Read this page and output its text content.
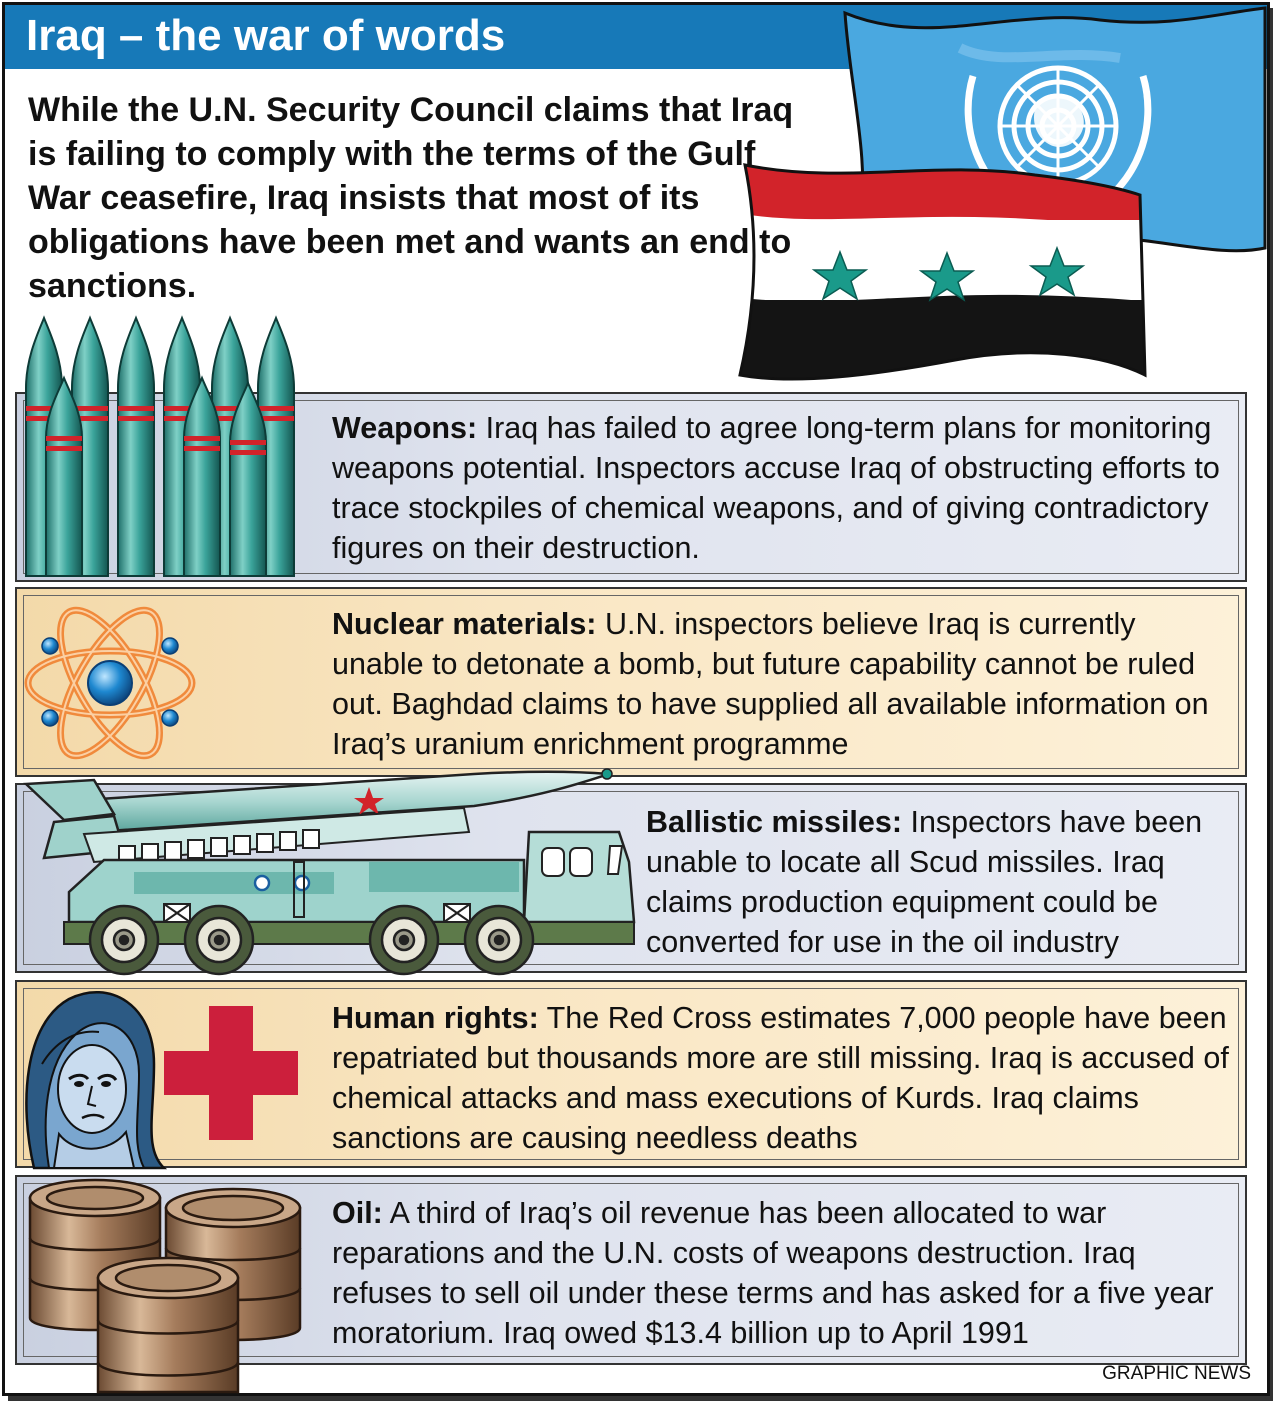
Iraq – the war of words
While the U.N. Security Council claims that Iraq is failing to comply with the terms of the Gulf War ceasefire, Iraq insists that most of its obligations have been met and wants an end to sanctions.
Weapons: Iraq has failed to agree long-term plans for monitoring weapons potential. Inspectors accuse Iraq of obstructing efforts to trace stockpiles of chemical weapons, and of giving contradictory figures on their destruction.
Nuclear materials: U.N. inspectors believe Iraq is currently unable to detonate a bomb, but future capability cannot be ruled out. Baghdad claims to have supplied all available information on Iraq’s uranium enrichment programme
Ballistic missiles: Inspectors have been unable to locate all Scud missiles. Iraq claims production equipment could be converted for use in the oil industry
Human rights: The Red Cross estimates 7,000 people have been repatriated but thousands more are still missing. Iraq is accused of chemical attacks and mass executions of Kurds. Iraq claims sanctions are causing needless deaths
Oil: A third of Iraq’s oil revenue has been allocated to war reparations and the U.N. costs of weapons destruction. Iraq refuses to sell oil under these terms and has asked for a five year moratorium. Iraq owed $13.4 billion up to April 1991
GRAPHIC NEWS
